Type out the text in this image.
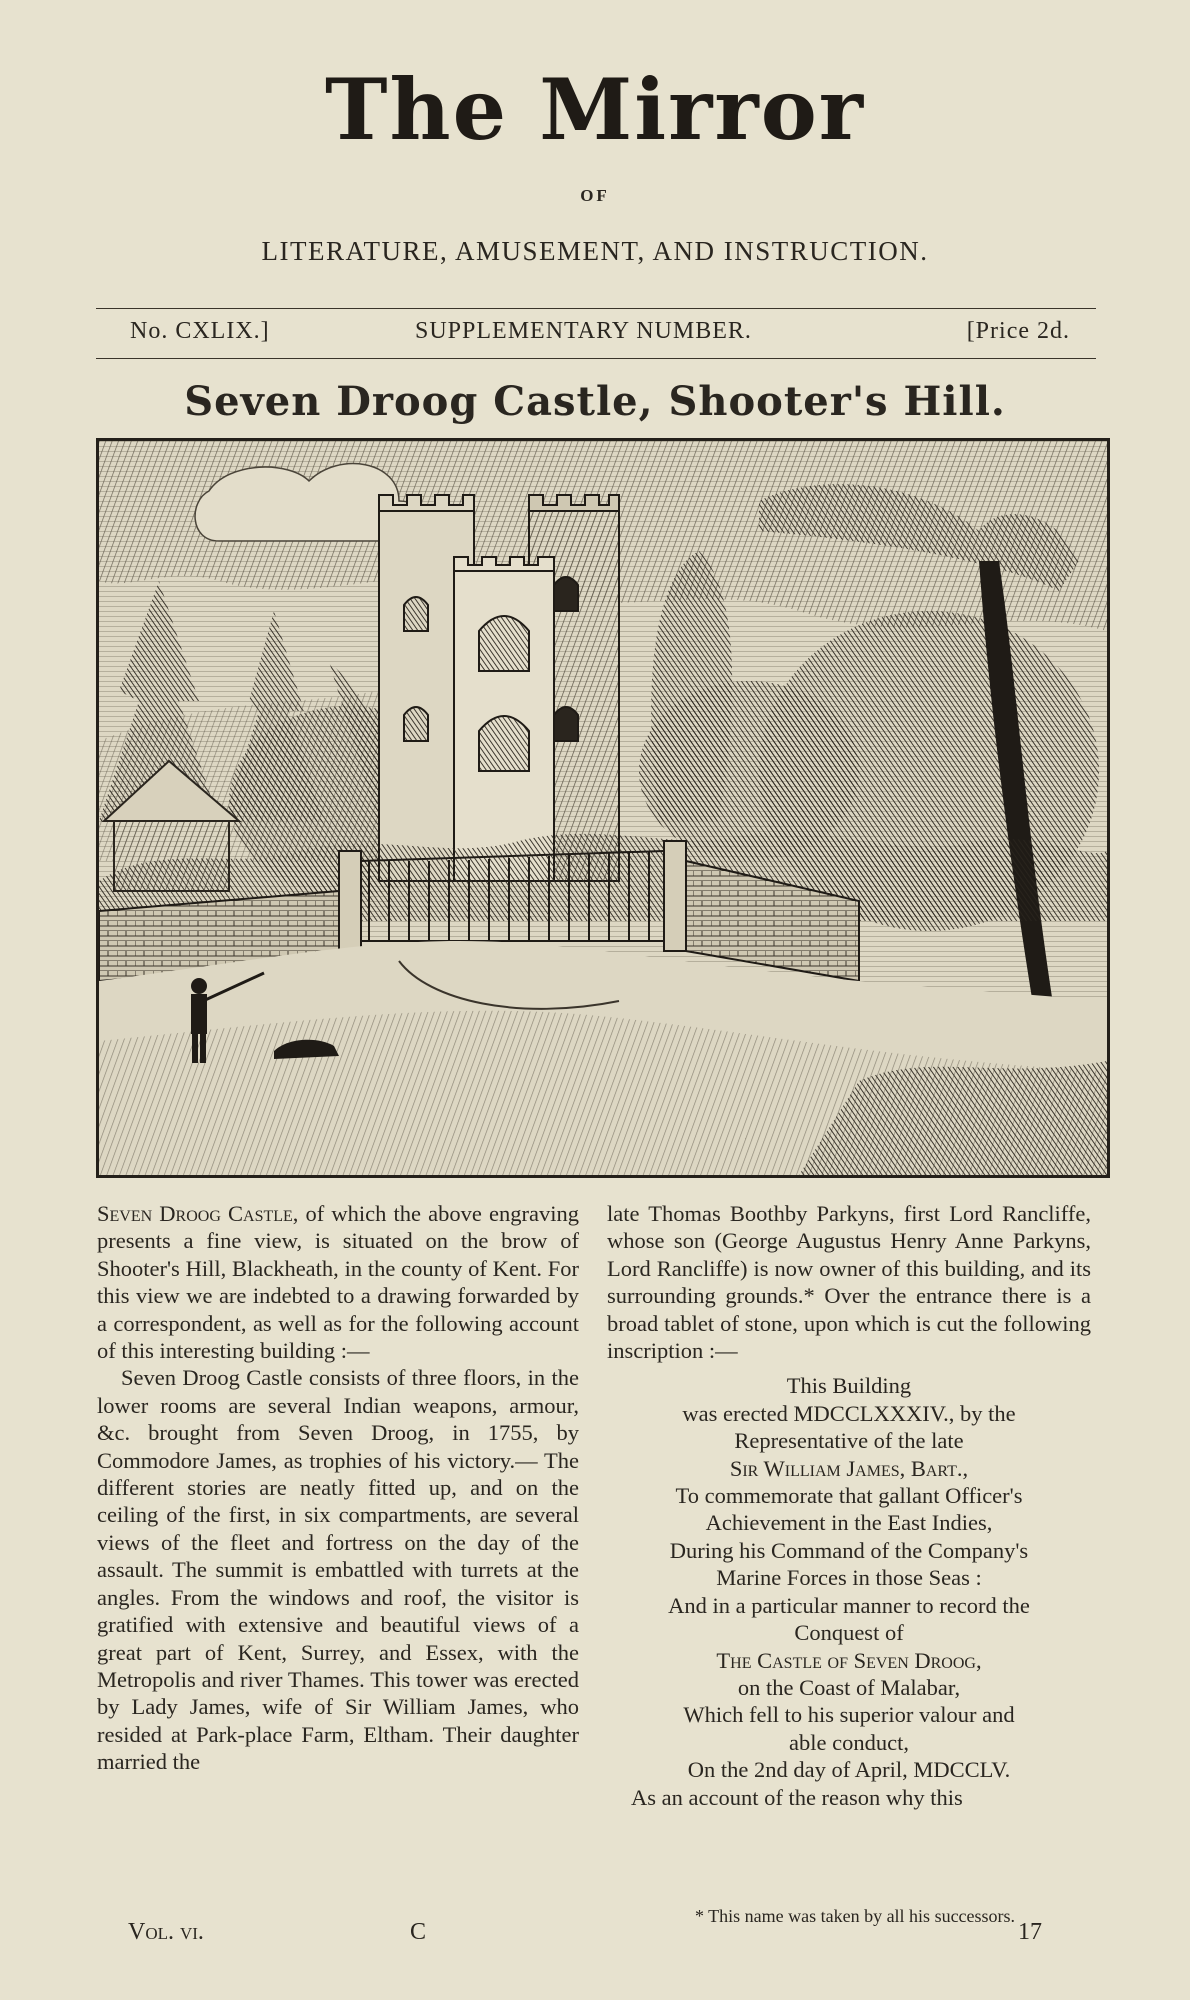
The Mirror
OF
LITERATURE, AMUSEMENT, AND INSTRUCTION.
No. CXLIX.]	SUPPLEMENTARY NUMBER.	[Price 2d.
Seven Droog Castle, Shooter's Hill.

Seven Droog Castle, of which the above engraving presents a fine view, is situated on the brow of Shooter's Hill, Blackheath, in the county of Kent. For this view we are indebted to a drawing forwarded by a correspondent, as well as for the following account of this interesting building :—

Seven Droog Castle consists of three floors, in the lower rooms are several Indian weapons, armour, &c. brought from Seven Droog, in 1755, by Commodore James, as trophies of his victory.— The different stories are neatly fitted up, and on the ceiling of the first, in six compartments, are several views of the fleet and fortress on the day of the assault. The summit is embattled with turrets at the angles. From the windows and roof, the visitor is gratified with extensive and beautiful views of a great part of Kent, Surrey, and Essex, with the Metropolis and river Thames. This tower was erected by Lady James, wife of Sir William James, who resided at Park-place Farm, Eltham. Their daughter married the

late Thomas Boothby Parkyns, first Lord Rancliffe, whose son (George Augustus Henry Anne Parkyns, Lord Rancliffe) is now owner of this building, and its surrounding grounds.* Over the entrance there is a broad tablet of stone, upon which is cut the following inscription :—

This Building
was erected MDCCLXXXIV., by the
Representative of the late
Sir William James, Bart.,
To commemorate that gallant Officer's
Achievement in the East Indies,
During his Command of the Company's
Marine Forces in those Seas :
And in a particular manner to record the
Conquest of
The Castle of Seven Droog,
on the Coast of Malabar,
Which fell to his superior valour and
able conduct,
On the 2nd day of April, MDCCLV.

As an account of the reason why this

* This name was taken by all his successors.
Vol. vi.	C	17
